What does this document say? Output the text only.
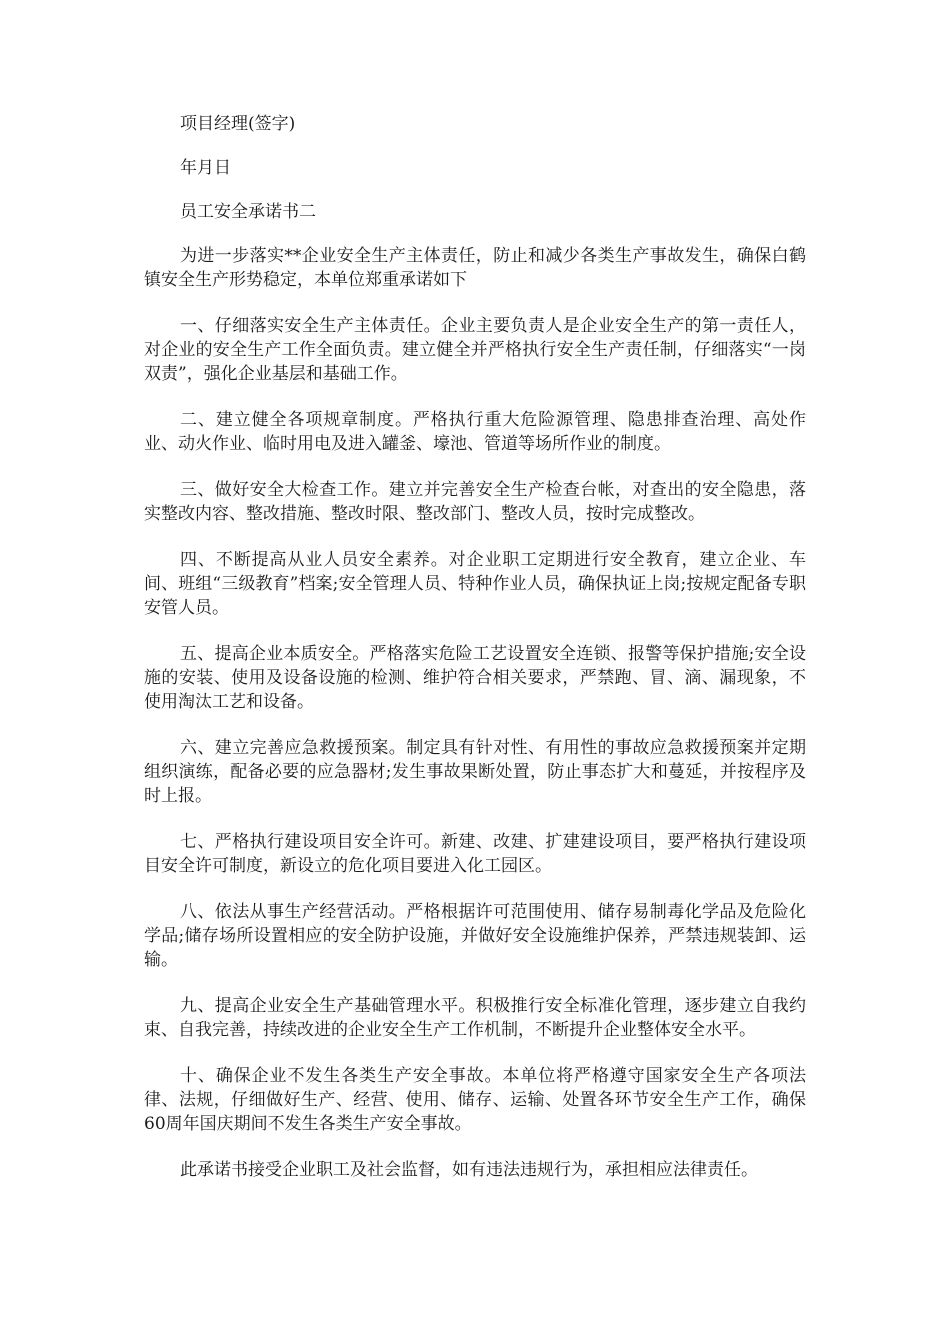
项目经理(签字)

年月日

员工安全承诺书二

为进一步落实**企业安全生产主体责任，防止和减少各类生产事故发生，确保白鹤镇安全生产形势稳定，本单位郑重承诺如下

一、仔细落实安全生产主体责任。企业主要负责人是企业安全生产的第一责任人，对企业的安全生产工作全面负责。建立健全并严格执行安全生产责任制，仔细落实“一岗双责”，强化企业基层和基础工作。

二、建立健全各项规章制度。严格执行重大危险源管理、隐患排查治理、高处作业、动火作业、临时用电及进入罐釜、壕池、管道等场所作业的制度。

三、做好安全大检查工作。建立并完善安全生产检查台帐，对查出的安全隐患，落实整改内容、整改措施、整改时限、整改部门、整改人员，按时完成整改。

四、不断提高从业人员安全素养。对企业职工定期进行安全教育，建立企业、车间、班组“三级教育”档案;安全管理人员、特种作业人员，确保执证上岗;按规定配备专职安管人员。

五、提高企业本质安全。严格落实危险工艺设置安全连锁、报警等保护措施;安全设施的安装、使用及设备设施的检测、维护符合相关要求，严禁跑、冒、滴、漏现象，不使用淘汰工艺和设备。

六、建立完善应急救援预案。制定具有针对性、有用性的事故应急救援预案并定期组织演练，配备必要的应急器材;发生事故果断处置，防止事态扩大和蔓延，并按程序及时上报。

七、严格执行建设项目安全许可。新建、改建、扩建建设项目，要严格执行建设项目安全许可制度，新设立的危化项目要进入化工园区。

八、依法从事生产经营活动。严格根据许可范围使用、储存易制毒化学品及危险化学品;储存场所设置相应的安全防护设施，并做好安全设施维护保养，严禁违规装卸、运输。

九、提高企业安全生产基础管理水平。积极推行安全标准化管理，逐步建立自我约束、自我完善，持续改进的企业安全生产工作机制，不断提升企业整体安全水平。

十、确保企业不发生各类生产安全事故。本单位将严格遵守国家安全生产各项法律、法规，仔细做好生产、经营、使用、储存、运输、处置各环节安全生产工作，确保60周年国庆期间不发生各类生产安全事故。

此承诺书接受企业职工及社会监督，如有违法违规行为，承担相应法律责任。
